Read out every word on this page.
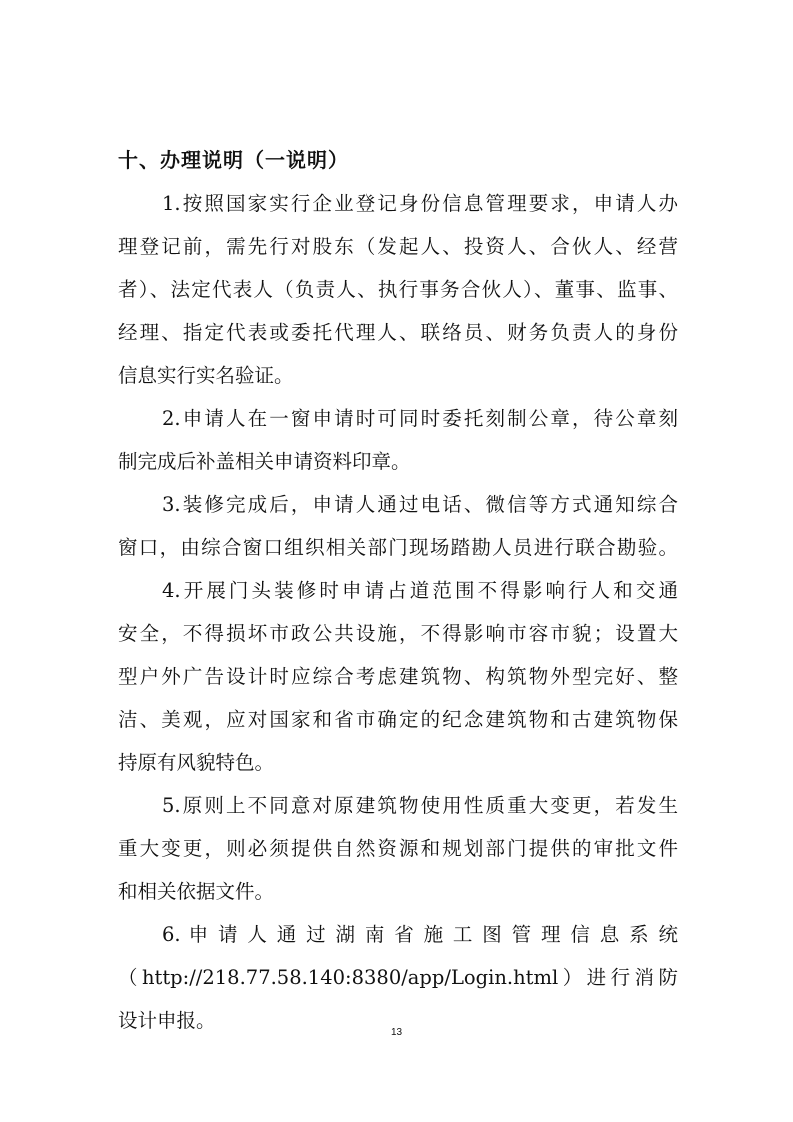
十、办理说明（一说明）

1.按照国家实行企业登记身份信息管理要求，申请人办

理登记前，需先行对股东（发起人、投资人、合伙人、经营

者）、法定代表人（负责人、执行事务合伙人）、董事、监事、

经理、指定代表或委托代理人、联络员、财务负责人的身份

信息实行实名验证。

2.申请人在一窗申请时可同时委托刻制公章，待公章刻

制完成后补盖相关申请资料印章。

3.装修完成后，申请人通过电话、微信等方式通知综合

窗口，由综合窗口组织相关部门现场踏勘人员进行联合勘验。

4.开展门头装修时申请占道范围不得影响行人和交通

安全，不得损坏市政公共设施，不得影响市容市貌；设置大

型户外广告设计时应综合考虑建筑物、构筑物外型完好、整

洁、美观，应对国家和省市确定的纪念建筑物和古建筑物保

持原有风貌特色。

5.原则上不同意对原建筑物使用性质重大变更，若发生

重大变更，则必须提供自然资源和规划部门提供的审批文件

和相关依据文件。

6. 申 请 人 通 过 湖 南 省 施 工 图 管 理 信 息 系 统

（http://218.77.58.140:8380/app/Login.html）进行消防

设计申报。

13
